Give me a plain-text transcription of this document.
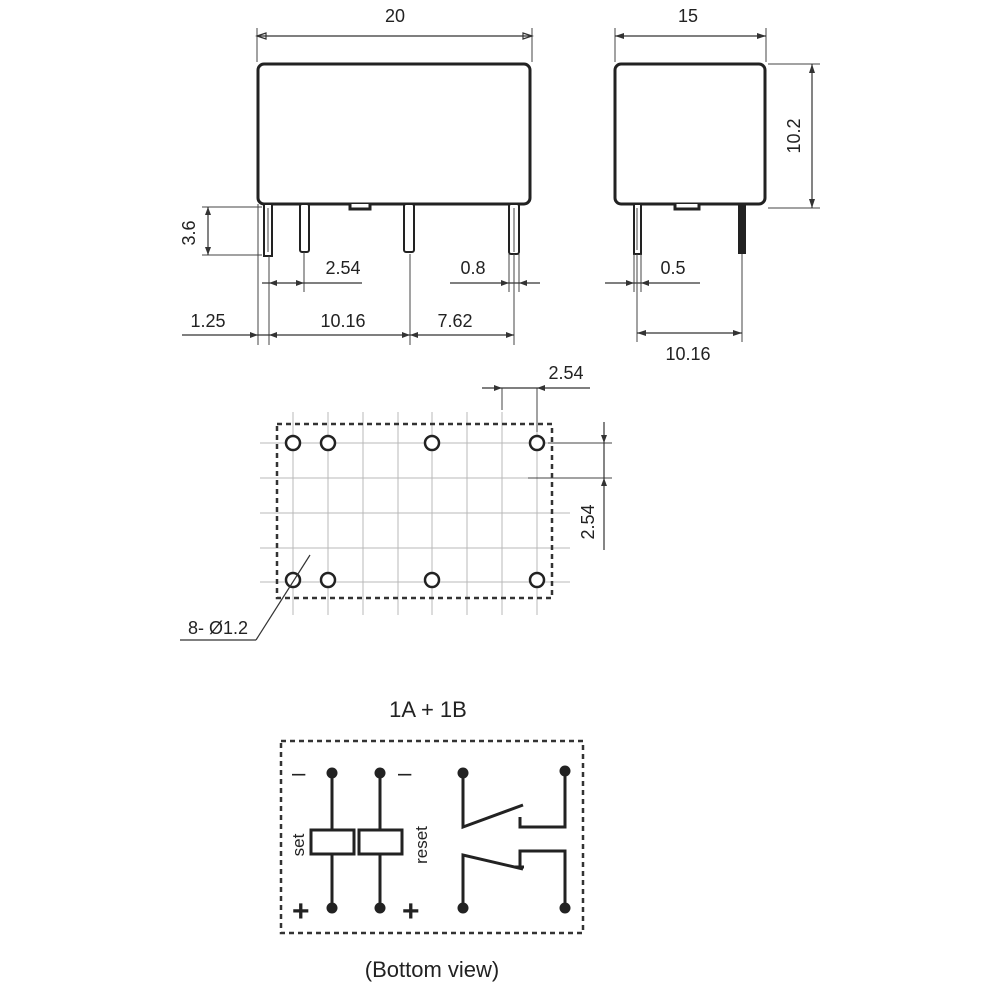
20
3.6
2.54	0.8
1.25	10.16	7.62
15
10.2
0.5
10.16
2.54
2.54
8- Ø1.2
1A + 1B
–	–
+	+
set	reset
(Bottom view)
